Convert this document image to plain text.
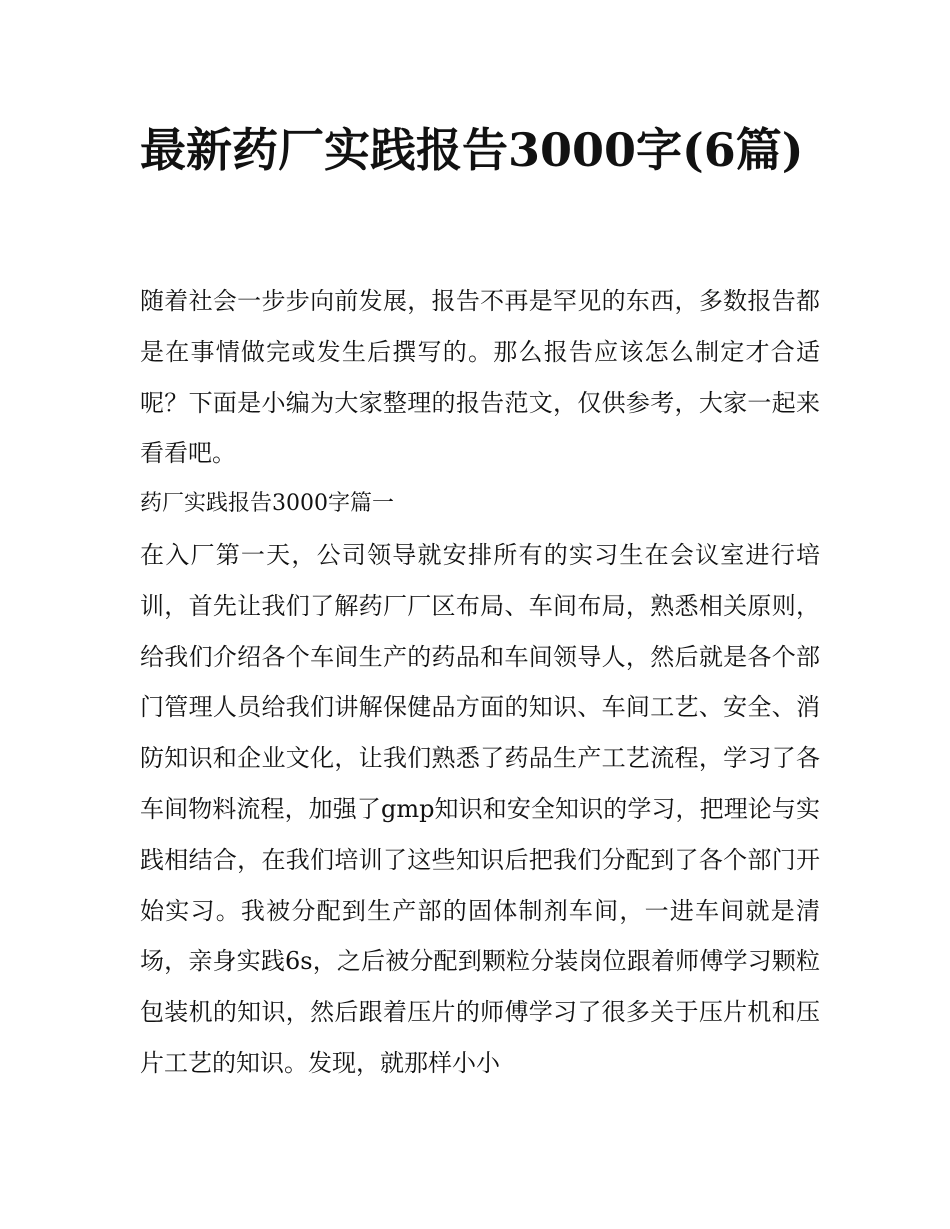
最新药厂实践报告3000字(6篇)

随着社会一步步向前发展，报告不再是罕见的东西，多数报告都是在事情做完或发生后撰写的。那么报告应该怎么制定才合适呢？下面是小编为大家整理的报告范文，仅供参考，大家一起来看看吧。

药厂实践报告3000字篇一

在入厂第一天，公司领导就安排所有的实习生在会议室进行培训，首先让我们了解药厂厂区布局、车间布局，熟悉相关原则，给我们介绍各个车间生产的药品和车间领导人，然后就是各个部门管理人员给我们讲解保健品方面的知识、车间工艺、安全、消防知识和企业文化，让我们熟悉了药品生产工艺流程，学习了各车间物料流程，加强了gmp知识和安全知识的学习，把理论与实践相结合，在我们培训了这些知识后把我们分配到了各个部门开始实习。我被分配到生产部的固体制剂车间，一进车间就是清场，亲身实践6s，之后被分配到颗粒分装岗位跟着师傅学习颗粒包装机的知识，然后跟着压片的师傅学习了很多关于压片机和压片工艺的知识。发现，就那样小小
